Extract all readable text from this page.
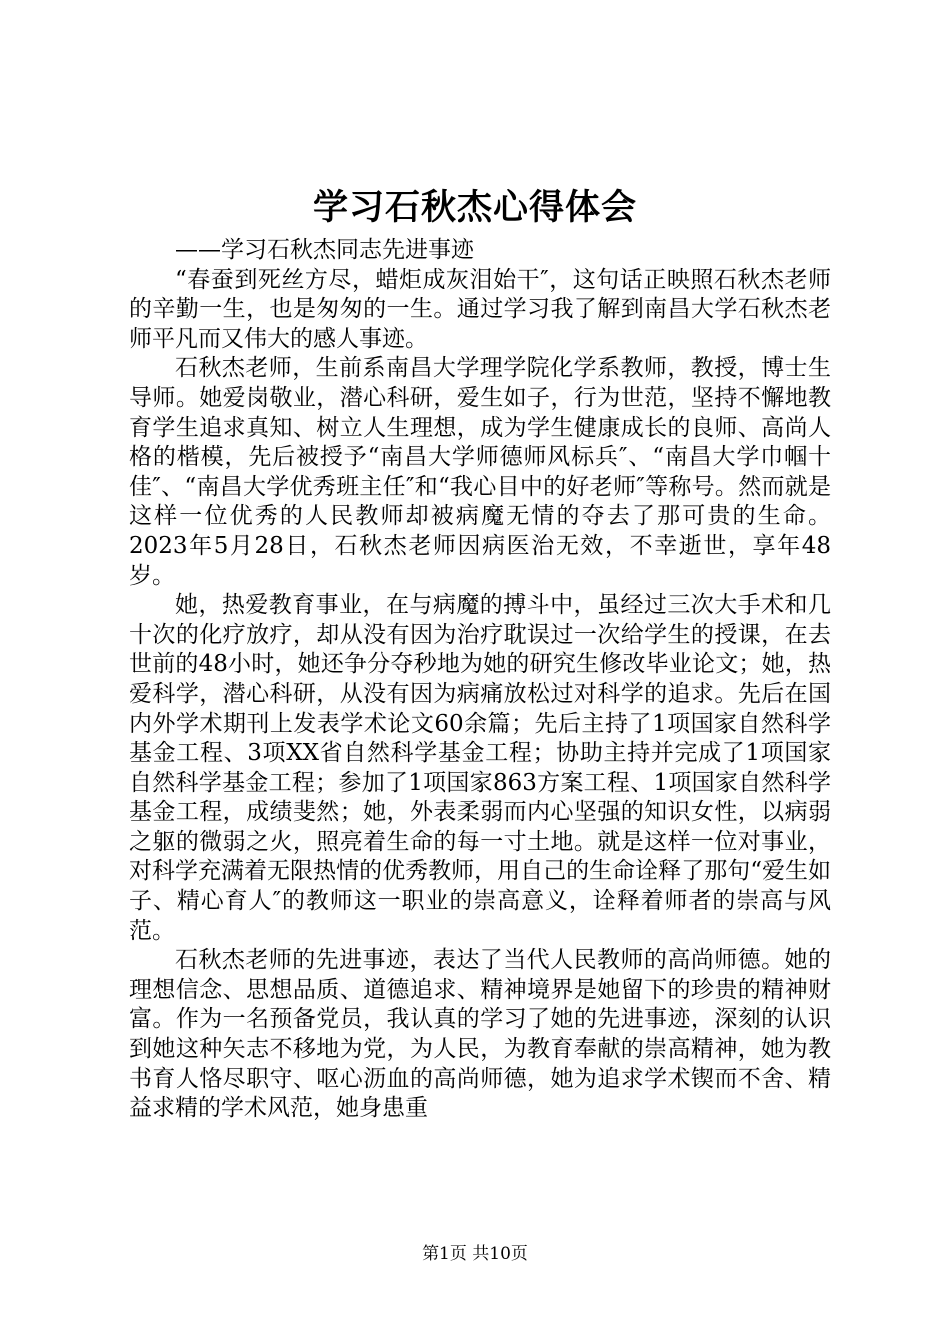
学习石秋杰心得体会

——学习石秋杰同志先进事迹

“春蚕到死丝方尽，蜡炬成灰泪始干″，这句话正映照石秋杰老师的辛勤一生，也是匆匆的一生。通过学习我了解到南昌大学石秋杰老师平凡而又伟大的感人事迹。

石秋杰老师，生前系南昌大学理学院化学系教师，教授，博士生导师。她爱岗敬业，潜心科研，爱生如子，行为世范，坚持不懈地教育学生追求真知、树立人生理想，成为学生健康成长的良师、高尚人格的楷模，先后被授予“南昌大学师德师风标兵″、“南昌大学巾帼十佳″、“南昌大学优秀班主任″和“我心目中的好老师″等称号。然而就是这样一位优秀的人民教师却被病魔无情的夺去了那可贵的生命。2023年5月28日，石秋杰老师因病医治无效，不幸逝世，享年48岁。

她，热爱教育事业，在与病魔的搏斗中，虽经过三次大手术和几十次的化疗放疗，却从没有因为治疗耽误过一次给学生的授课，在去世前的48小时，她还争分夺秒地为她的研究生修改毕业论文；她，热爱科学，潜心科研，从没有因为病痛放松过对科学的追求。先后在国内外学术期刊上发表学术论文60余篇；先后主持了1项国家自然科学基金工程、3项XX省自然科学基金工程；协助主持并完成了1项国家自然科学基金工程；参加了1项国家863方案工程、1项国家自然科学基金工程，成绩斐然；她，外表柔弱而内心坚强的知识女性，以病弱之躯的微弱之火，照亮着生命的每一寸土地。就是这样一位对事业，对科学充满着无限热情的优秀教师，用自己的生命诠释了那句“爱生如子、精心育人″的教师这一职业的崇高意义，诠释着师者的崇高与风范。

石秋杰老师的先进事迹，表达了当代人民教师的高尚师德。她的理想信念、思想品质、道德追求、精神境界是她留下的珍贵的精神财富。作为一名预备党员，我认真的学习了她的先进事迹，深刻的认识到她这种矢志不移地为党，为人民，为教育奉献的崇高精神，她为教书育人恪尽职守、呕心沥血的高尚师德，她为追求学术锲而不舍、精益求精的学术风范，她身患重

第1页 共10页
